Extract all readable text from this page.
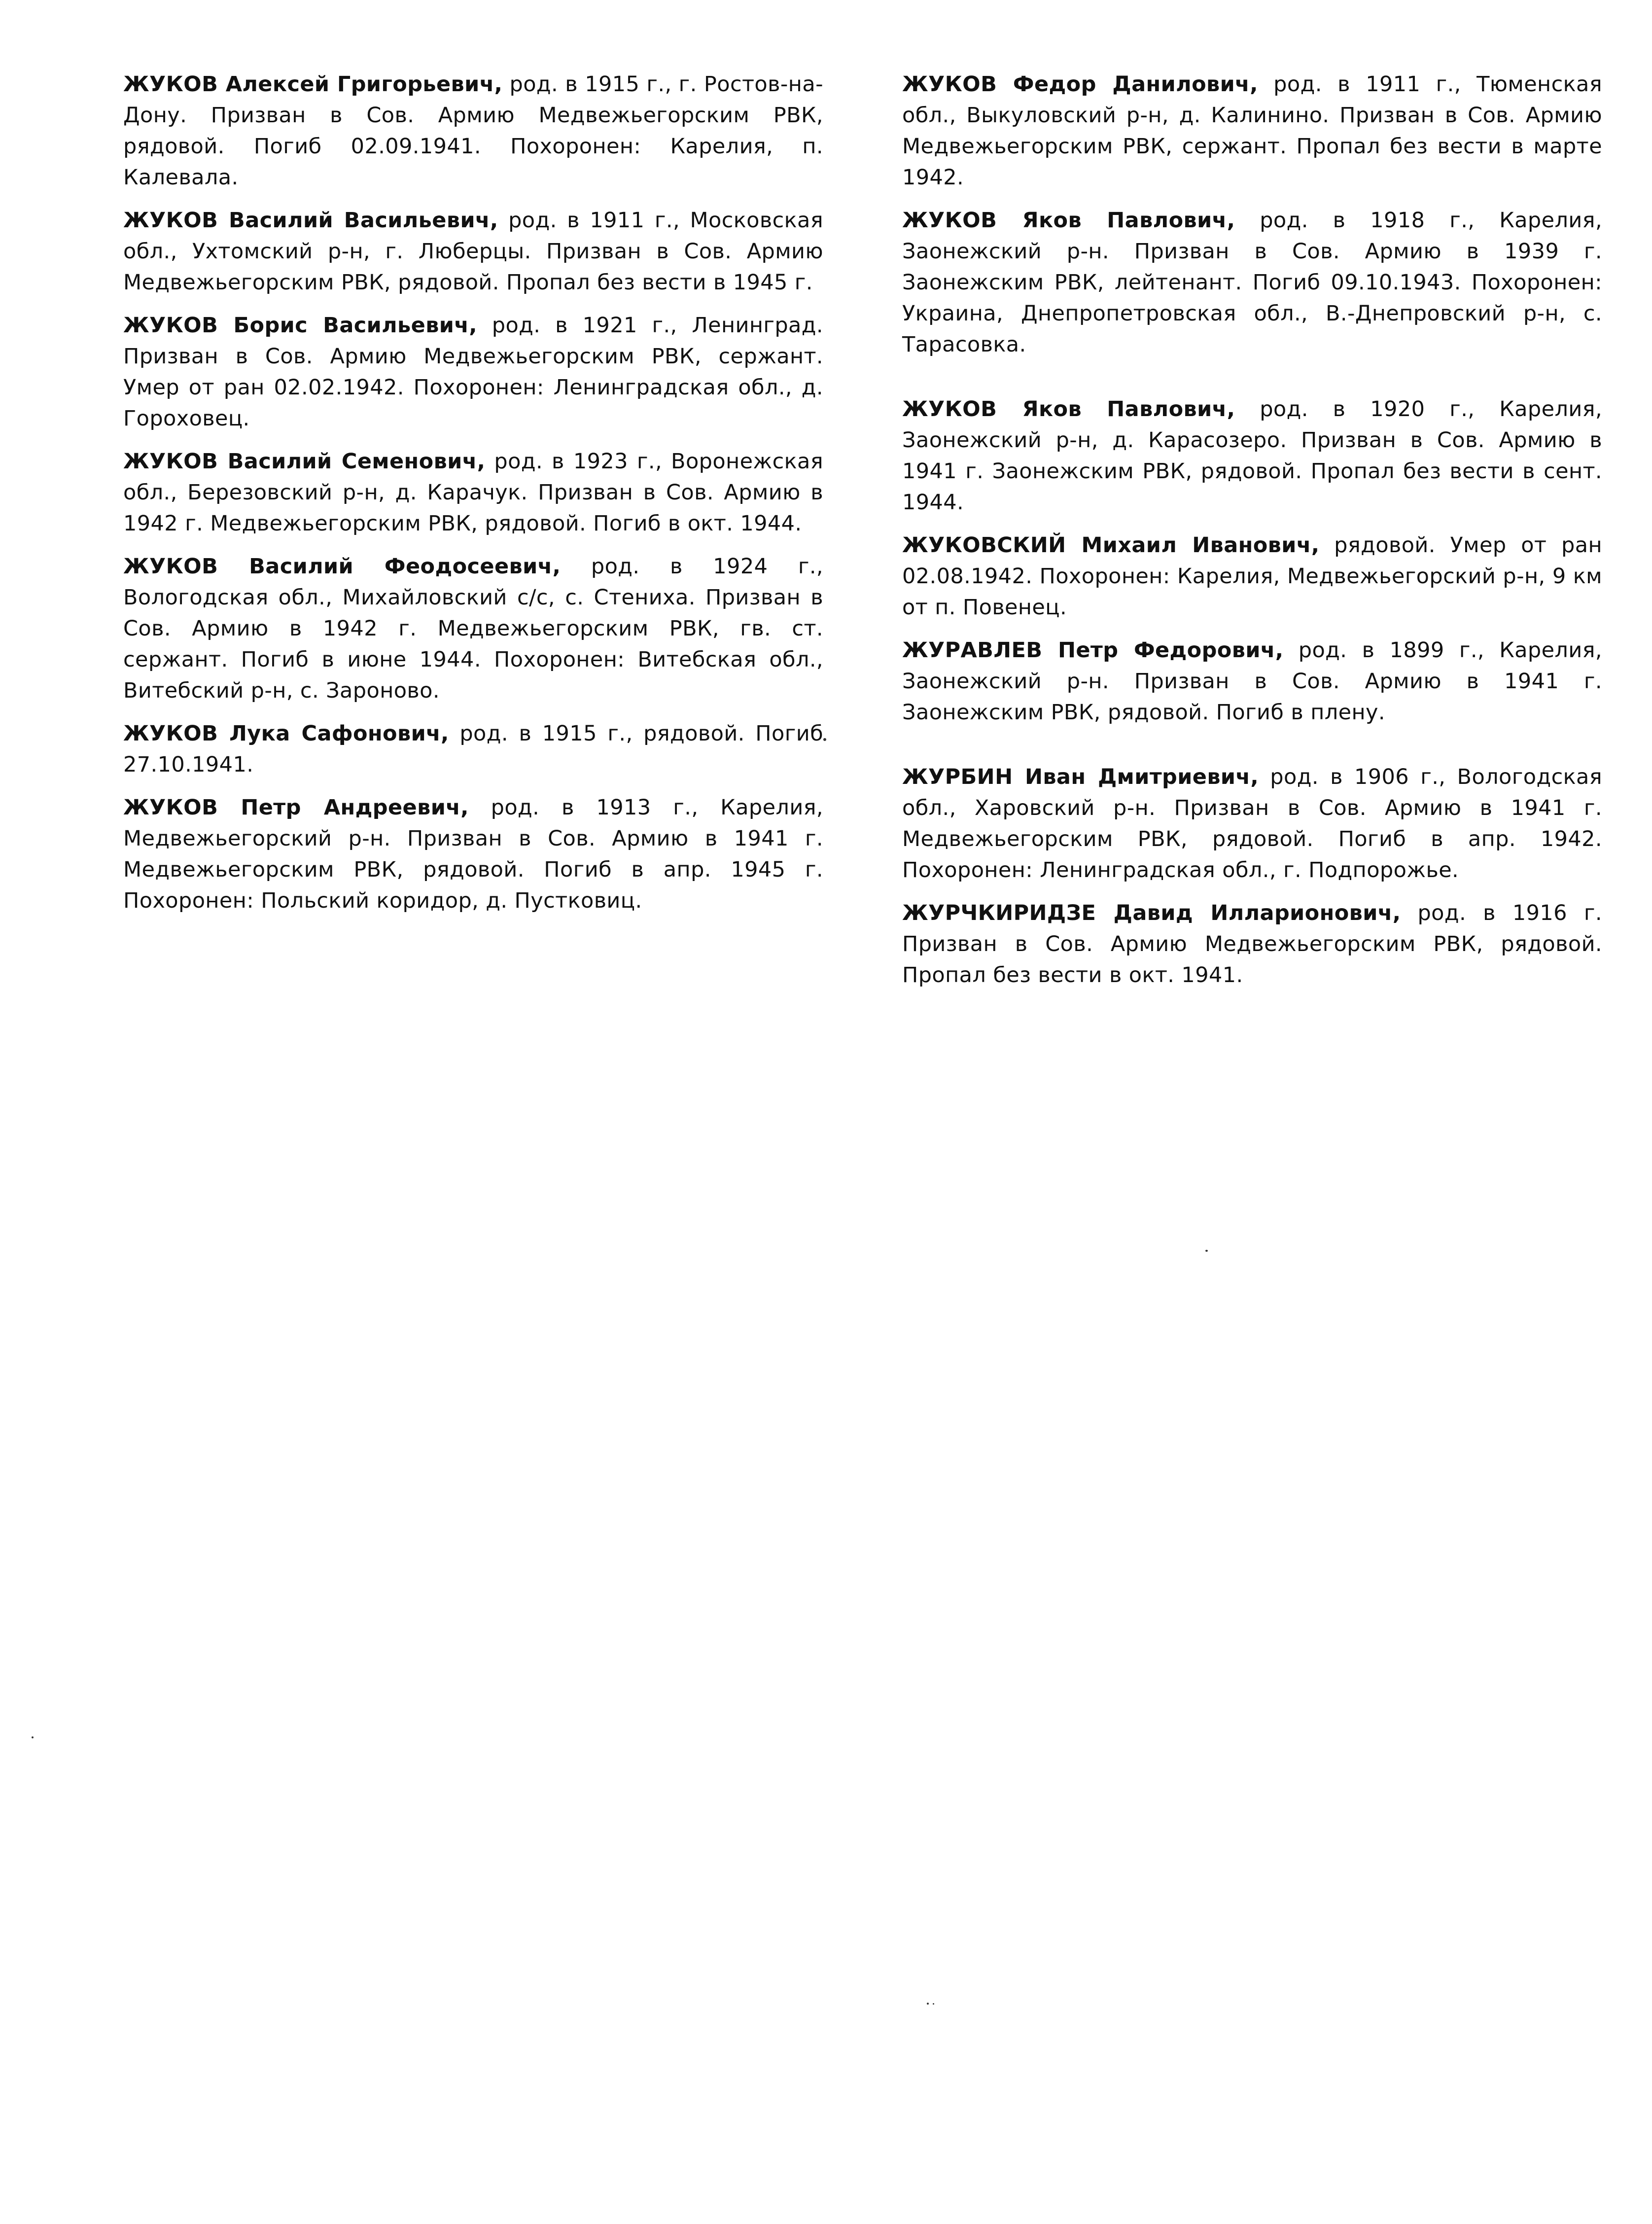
ЖУКОВ Алексей Григорьевич, род. в 1915 г., г. Ростов-на-Дону. Призван в Сов. Армию Медвежьегорским РВК, рядовой. Погиб 02.09.1941. Похоронен: Карелия, п. Калевала.

ЖУКОВ Василий Васильевич, род. в 1911 г., Московская обл., Ухтомский р-н, г. Люберцы. Призван в Сов. Армию Медвежьегорским РВК, рядовой. Пропал без вести в 1945 г.

ЖУКОВ Борис Васильевич, род. в 1921 г., Ленинград. Призван в Сов. Армию Медвежьегорским РВК, сержант. Умер от ран 02.02.1942. Похоронен: Ленинградская обл., д. Гороховец.

ЖУКОВ Василий Семенович, род. в 1923 г., Воронежская обл., Березовский р-н, д. Карачук. Призван в Сов. Армию в 1942 г. Медвежьегорским РВК, рядовой. Погиб в окт. 1944.

ЖУКОВ Василий Феодосеевич, род. в 1924 г., Вологодская обл., Михайловский с/с, с. Стениха. Призван в Сов. Армию в 1942 г. Медвежьегорским РВК, гв. ст. сержант. Погиб в июне 1944. Похоронен: Витебская обл., Витебский р-н, с. Зароново.

ЖУКОВ Лука Сафонович, род. в 1915 г., рядовой. Погиб 27.10.1941.

ЖУКОВ Петр Андреевич, род. в 1913 г., Карелия, Медвежьегорский р-н. Призван в Сов. Армию в 1941 г. Медвежьегорским РВК, рядовой. Погиб в апр. 1945 г. Похоронен: Польский коридор, д. Пустковиц.

ЖУКОВ Федор Данилович, род. в 1911 г., Тюменская обл., Выкуловский р-н, д. Калинино. Призван в Сов. Армию Медвежьегорским РВК, сержант. Пропал без вести в марте 1942.

ЖУКОВ Яков Павлович, род. в 1918 г., Карелия, Заонежский р-н. Призван в Сов. Армию в 1939 г. Заонежским РВК, лейтенант. Погиб 09.10.1943. Похоронен: Украина, Днепропетровская обл., В.-Днепровский р-н, с. Тарасовка.

ЖУКОВ Яков Павлович, род. в 1920 г., Карелия, Заонежский р-н, д. Карасозеро. Призван в Сов. Армию в 1941 г. Заонежским РВК, рядовой. Пропал без вести в сент. 1944.

ЖУКОВСКИЙ Михаил Иванович, рядовой. Умер от ран 02.08.1942. Похоронен: Карелия, Медвежьегорский р-н, 9 км от п. Повенец.

ЖУРАВЛЕВ Петр Федорович, род. в 1899 г., Карелия, Заонежский р-н. Призван в Сов. Армию в 1941 г. Заонежским РВК, рядовой. Погиб в плену.

ЖУРБИН Иван Дмитриевич, род. в 1906 г., Вологодская обл., Харовский р-н. Призван в Сов. Армию в 1941 г. Медвежьегорским РВК, рядовой. Погиб в апр. 1942. Похоронен: Ленинградская обл., г. Подпорожье.

ЖУРЧКИРИДЗЕ Давид Илларионович, род. в 1916 г. Призван в Сов. Армию Медвежьегорским РВК, рядовой. Пропал без вести в окт. 1941.
